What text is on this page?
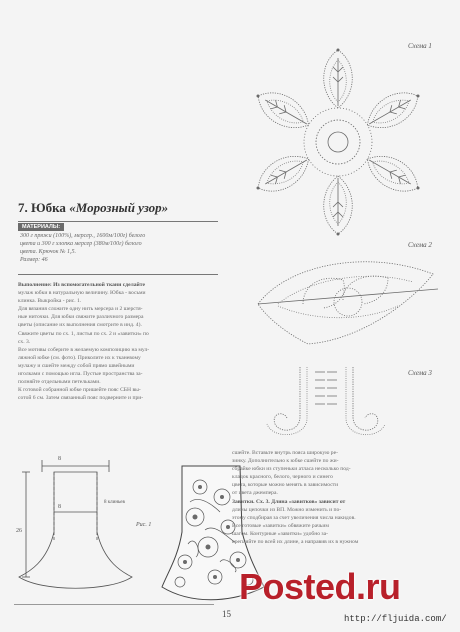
Схема 1
Схема 2
Схема 3
7. Юбка «Морозный узор»
МАТЕРИАЛЫ:
300 г пряжи (100%), мерсер., 1600м/100г) белого
цвета и 300 г хлопка мерсер (380м/100г) белого
цвета. Крючок № 1,5.
Размер: 46

Выполнение: Из вспомогательной ткани сделайте

мулаж юбки в натуральную величину. Юбка - восьми

клинка. Выкройка - рис. 1.

Для вязания сложите одну нить мерсера и 2 шерстя-

ные ниточки. Для юбки свяжите различного размера

цветы (описание их выполнения смотрите в инд. 4).

Свяжите цветы по сх. 1, листья по сх. 2 и «завитки» по

сх. 3.

Все мотивы соберите в желаемую композицию на мул-

ляжной юбке (см. фото). Приколите их к тканевому

мулажу и сшейте между собой прямо швейными

иголками с помощью игла. Пустые пространства за-

полняйте отдельными петельками.

К готовой собранной юбке пришейте пояс СБН вы-

сотой 6 см. Затем связанный пояс подверните и при-

8
8
26
8 клиньев
Рис. 1

сшейте. Вставьте внутрь пояса широкую ре-

зинку. Дополнительно к юбке сшейте по жи-

сбрайке юбки из ступеньки атласа несколько под-

кладок красного, белого, черного и синего

цвета, которые можно менять в зависимости

от цвета джемпера.

Завитки. Сх. 3. Длина «завитков» зависит от

длины цепочки из ВП. Можно изменить и по-

этому сподбирая за счет увеличения числа накидов.

Все готовые «завитки» обвяжите рачьим

шагом. Контурные «завитки» удобно за-

крепляйте по всей их длине, а направив их в нужном

15
Posted.ru
http://fljuida.com/
